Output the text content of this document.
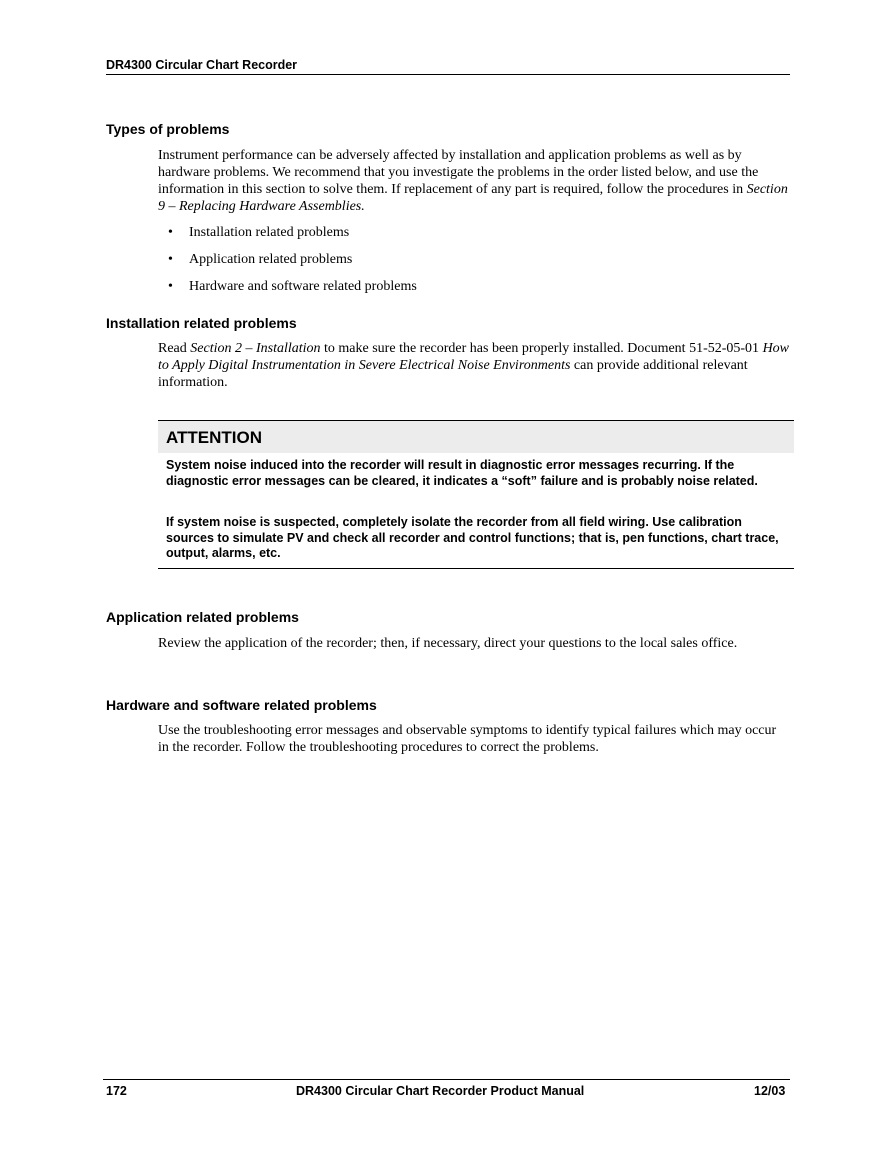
DR4300 Circular Chart Recorder
Types of problems

Instrument performance can be adversely affected by installation and application problems as well as by hardware problems. We recommend that you investigate the problems in the order listed below, and use the information in this section to solve them. If replacement of any part is required, follow the procedures in Section 9 – Replacing Hardware Assemblies.

• Installation related problems
• Application related problems
• Hardware and software related problems
Installation related problems

Read Section 2 – Installation to make sure the recorder has been properly installed. Document 51-52-05-01 How to Apply Digital Instrumentation in Severe Electrical Noise Environments can provide additional relevant information.

ATTENTION

System noise induced into the recorder will result in diagnostic error messages recurring. If the diagnostic error messages can be cleared, it indicates a “soft” failure and is probably noise related.

If system noise is suspected, completely isolate the recorder from all field wiring. Use calibration sources to simulate PV and check all recorder and control functions; that is, pen functions, chart trace, output, alarms, etc.

Application related problems

Review the application of the recorder; then, if necessary, direct your questions to the local sales office.

Hardware and software related problems

Use the troubleshooting error messages and observable symptoms to identify typical failures which may occur in the recorder. Follow the troubleshooting procedures to correct the problems.

172	DR4300 Circular Chart Recorder Product Manual	12/03
